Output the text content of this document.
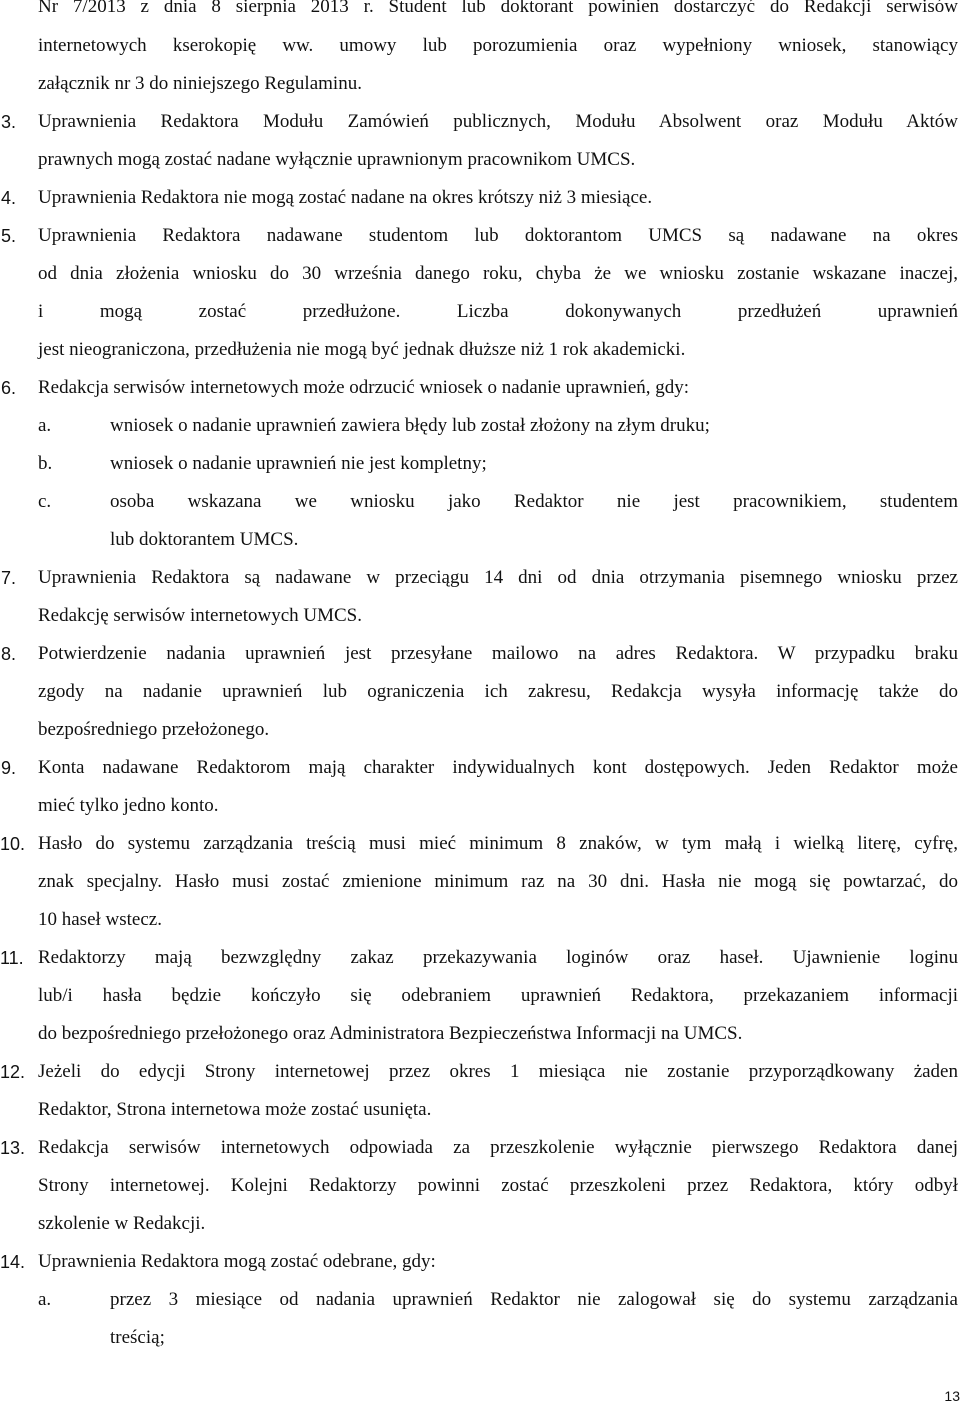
Nr 7/2013 z dnia 8 sierpnia 2013 r. Student lub doktorant powinien dostarczyć do Redakcji serwisów
internetowych kserokopię ww. umowy lub porozumienia oraz wypełniony wniosek, stanowiący
załącznik nr 3 do niniejszego Regulaminu.
3. Uprawnienia Redaktora Modułu Zamówień publicznych, Modułu Absolwent oraz Modułu Aktów
prawnych mogą zostać nadane wyłącznie uprawnionym pracownikom UMCS.
4. Uprawnienia Redaktora nie mogą zostać nadane na okres krótszy niż 3 miesiące.
5. Uprawnienia Redaktora nadawane studentom lub doktorantom UMCS są nadawane na okres
od dnia złożenia wniosku do 30 września danego roku, chyba że we wniosku zostanie wskazane inaczej,
i mogą zostać przedłużone. Liczba dokonywanych przedłużeń uprawnień
jest nieograniczona, przedłużenia nie mogą być jednak dłuższe niż 1 rok akademicki.
6. Redakcja serwisów internetowych może odrzucić wniosek o nadanie uprawnień, gdy:
a.	wniosek o nadanie uprawnień zawiera błędy lub został złożony na złym druku;
b.	wniosek o nadanie uprawnień nie jest kompletny;
c.	osoba wskazana we wniosku jako Redaktor nie jest pracownikiem, studentem
lub doktorantem UMCS.
7. Uprawnienia Redaktora są nadawane w przeciągu 14 dni od dnia otrzymania pisemnego wniosku przez
Redakcję serwisów internetowych UMCS.
8. Potwierdzenie nadania uprawnień jest przesyłane mailowo na adres Redaktora. W przypadku braku
zgody na nadanie uprawnień lub ograniczenia ich zakresu, Redakcja wysyła informację także do
bezpośredniego przełożonego.
9. Konta nadawane Redaktorom mają charakter indywidualnych kont dostępowych. Jeden Redaktor może
mieć tylko jedno konto.
10. Hasło do systemu zarządzania treścią musi mieć minimum 8 znaków, w tym małą i wielką literę, cyfrę,
znak specjalny. Hasło musi zostać zmienione minimum raz na 30 dni. Hasła nie mogą się powtarzać, do
10 haseł wstecz.
11. Redaktorzy mają bezwzględny zakaz przekazywania loginów oraz haseł. Ujawnienie loginu
lub/i hasła będzie kończyło się odebraniem uprawnień Redaktora, przekazaniem informacji
do bezpośredniego przełożonego oraz Administratora Bezpieczeństwa Informacji na UMCS.
12. Jeżeli do edycji Strony internetowej przez okres 1 miesiąca nie zostanie przyporządkowany żaden
Redaktor, Strona internetowa może zostać usunięta.
13. Redakcja serwisów internetowych odpowiada za przeszkolenie wyłącznie pierwszego Redaktora danej
Strony internetowej. Kolejni Redaktorzy powinni zostać przeszkoleni przez Redaktora, który odbył
szkolenie w Redakcji.
14. Uprawnienia Redaktora mogą zostać odebrane, gdy:
a.	przez 3 miesiące od nadania uprawnień Redaktor nie zalogował się do systemu zarządzania
treścią;
13
